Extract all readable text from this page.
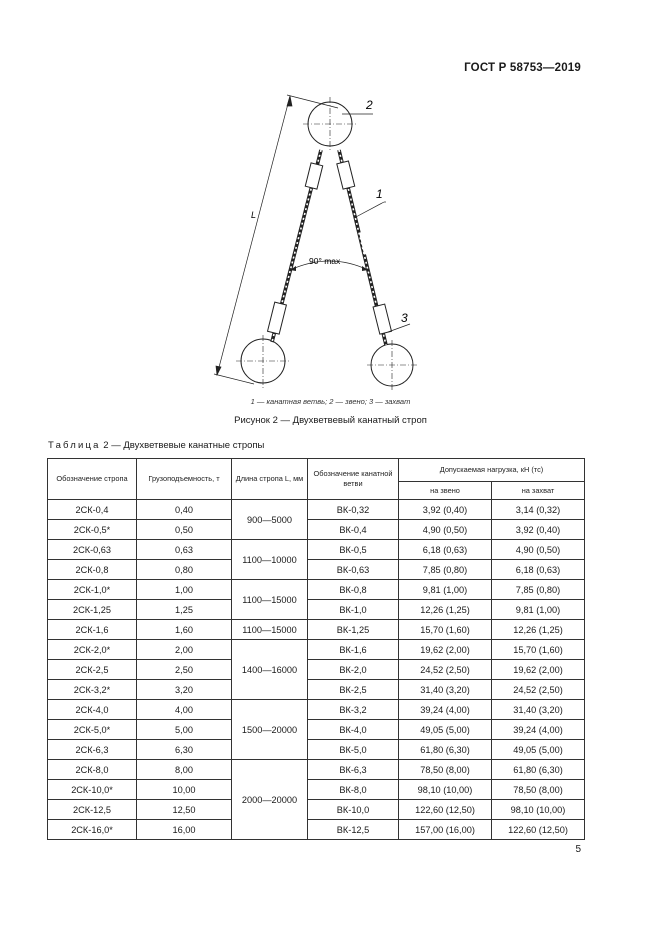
ГОСТ Р 58753—2019
L
90° max
2
1
3
1 — канатная ветвь; 2 — звено; 3 — захват
Рисунок 2 — Двухветвевый канатный строп
Таблица 2 — Двухветвевые канатные стропы
Обозначение стропа	Грузоподъемность, т	Длина стропа L, мм	Обозначение канатной ветви	Допускаемая нагрузка, кН (тс)	
				на звено	на захват
2СК-0,4	0,40	900—5000	ВК-0,32	3,92 (0,40)	3,14 (0,32)
2СК-0,5*	0,50		ВК-0,4	4,90 (0,50)	3,92 (0,40)
2СК-0,63	0,63	1100—10000	ВК-0,5	6,18 (0,63)	4,90 (0,50)
2СК-0,8	0,80		ВК-0,63	7,85 (0,80)	6,18 (0,63)
2СК-1,0*	1,00	1100—15000	ВК-0,8	9,81 (1,00)	7,85 (0,80)
2СК-1,25	1,25		ВК-1,0	12,26 (1,25)	9,81 (1,00)
2СК-1,6	1,60	1100—15000	ВК-1,25	15,70 (1,60)	12,26 (1,25)
2СК-2,0*	2,00	1400—16000	ВК-1,6	19,62 (2,00)	15,70 (1,60)
2СК-2,5	2,50		ВК-2,0	24,52 (2,50)	19,62 (2,00)
2СК-3,2*	3,20		ВК-2,5	31,40 (3,20)	24,52 (2,50)
2СК-4,0	4,00	1500—20000	ВК-3,2	39,24 (4,00)	31,40 (3,20)
2СК-5,0*	5,00		ВК-4,0	49,05 (5,00)	39,24 (4,00)
2СК-6,3	6,30		ВК-5,0	61,80 (6,30)	49,05 (5,00)
2СК-8,0	8,00	2000—20000	ВК-6,3	78,50 (8,00)	61,80 (6,30)
2СК-10,0*	10,00		ВК-8,0	98,10 (10,00)	78,50 (8,00)
2СК-12,5	12,50		ВК-10,0	122,60 (12,50)	98,10 (10,00)
2СК-16,0*	16,00		ВК-12,5	157,00 (16,00)	122,60 (12,50)
5
